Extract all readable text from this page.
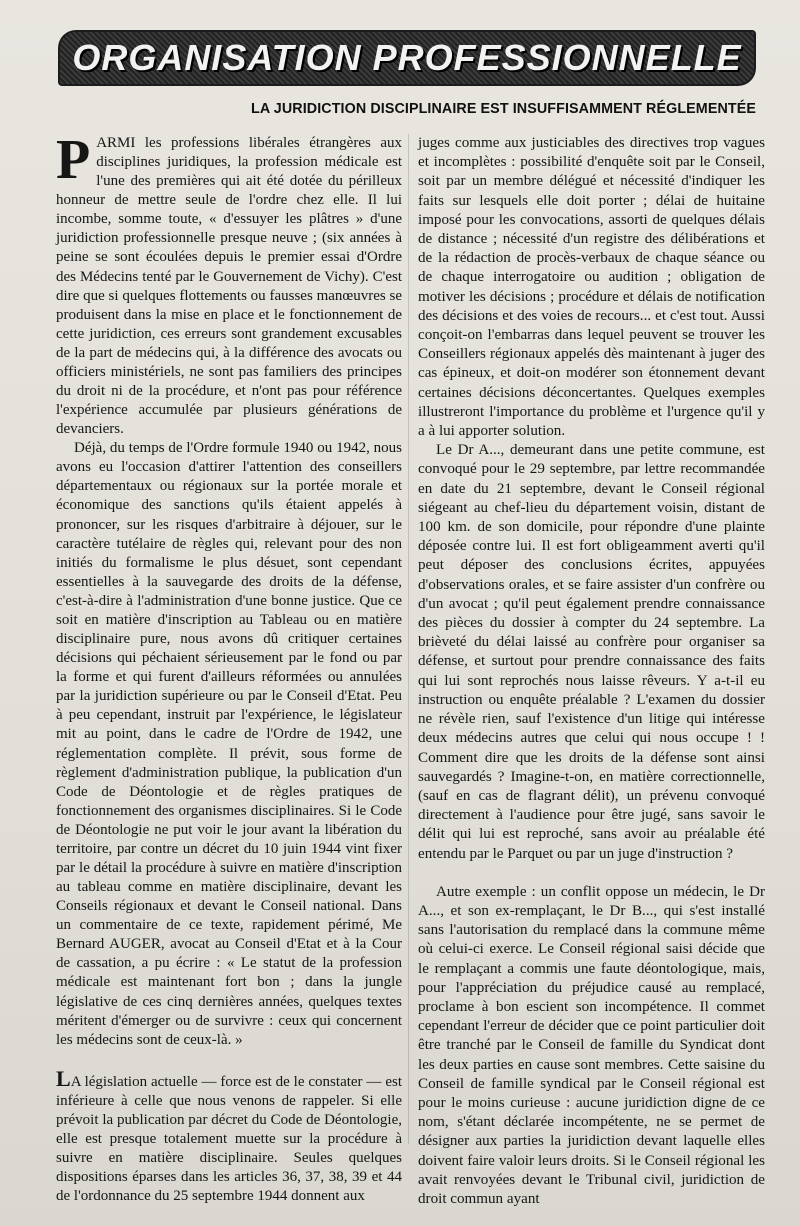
ORGANISATION PROFESSIONNELLE
LA JURIDICTION DISCIPLINAIRE EST INSUFFISAMMENT RÉGLEMENTÉE

PARMI les professions libérales étrangères aux disciplines juridiques, la profession médicale est l'une des premières qui ait été dotée du périlleux honneur de mettre seule de l'ordre chez elle. Il lui incombe, somme toute, « d'essuyer les plâtres » d'une juridiction professionnelle presque neuve ; (six années à peine se sont écoulées depuis le premier essai d'Ordre des Médecins tenté par le Gouvernement de Vichy). C'est dire que si quelques flottements ou fausses manœuvres se produisent dans la mise en place et le fonctionnement de cette juridiction, ces erreurs sont grandement excusables de la part de médecins qui, à la différence des avocats ou officiers ministériels, ne sont pas familiers des principes du droit ni de la procédure, et n'ont pas pour référence l'expérience accumulée par plusieurs générations de devanciers.

Déjà, du temps de l'Ordre formule 1940 ou 1942, nous avons eu l'occasion d'attirer l'attention des conseillers départementaux ou régionaux sur la portée morale et économique des sanctions qu'ils étaient appelés à prononcer, sur les risques d'arbitraire à déjouer, sur le caractère tutélaire de règles qui, relevant pour des non initiés du formalisme le plus désuet, sont cependant essentielles à la sauvegarde des droits de la défense, c'est-à-dire à l'administration d'une bonne justice. Que ce soit en matière d'inscription au Tableau ou en matière disciplinaire pure, nous avons dû critiquer certaines décisions qui péchaient sérieusement par le fond ou par la forme et qui furent d'ailleurs réformées ou annulées par la juridiction supérieure ou par le Conseil d'Etat. Peu à peu cependant, instruit par l'expérience, le législateur mit au point, dans le cadre de l'Ordre de 1942, une réglementation complète. Il prévit, sous forme de règlement d'administration publique, la publication d'un Code de Déontologie et de règles pratiques de fonctionnement des organismes disciplinaires. Si le Code de Déontologie ne put voir le jour avant la libération du territoire, par contre un décret du 10 juin 1944 vint fixer par le détail la procédure à suivre en matière d'inscription au tableau comme en matière disciplinaire, devant les Conseils régionaux et devant le Conseil national. Dans un commentaire de ce texte, rapidement périmé, Me Bernard AUGER, avocat au Conseil d'Etat et à la Cour de cassation, a pu écrire : « Le statut de la profession médicale est maintenant fort bon ; dans la jungle législative de ces cinq dernières années, quelques textes méritent d'émerger ou de survivre : ceux qui concernent les médecins sont de ceux-là. »

LA législation actuelle — force est de le constater — est inférieure à celle que nous venons de rappeler. Si elle prévoit la publication par décret du Code de Déontologie, elle est presque totalement muette sur la procédure à suivre en matière disciplinaire. Seules quelques dispositions éparses dans les articles 36, 37, 38, 39 et 44 de l'ordonnance du 25 septembre 1944 donnent aux

juges comme aux justiciables des directives trop vagues et incomplètes : possibilité d'enquête soit par le Conseil, soit par un membre délégué et nécessité d'indiquer les faits sur lesquels elle doit porter ; délai de huitaine imposé pour les convocations, assorti de quelques délais de distance ; nécessité d'un registre des délibérations et de la rédaction de procès-verbaux de chaque séance ou de chaque interrogatoire ou audition ; obligation de motiver les décisions ; procédure et délais de notification des décisions et des voies de recours... et c'est tout. Aussi conçoit-on l'embarras dans lequel peuvent se trouver les Conseillers régionaux appelés dès maintenant à juger des cas épineux, et doit-on modérer son étonnement devant certaines décisions déconcertantes. Quelques exemples illustreront l'importance du problème et l'urgence qu'il y a à lui apporter solution.

Le Dr A..., demeurant dans une petite commune, est convoqué pour le 29 septembre, par lettre recommandée en date du 21 septembre, devant le Conseil régional siégeant au chef-lieu du département voisin, distant de 100 km. de son domicile, pour répondre d'une plainte déposée contre lui. Il est fort obligeamment averti qu'il peut déposer des conclusions écrites, appuyées d'observations orales, et se faire assister d'un confrère ou d'un avocat ; qu'il peut également prendre connaissance des pièces du dossier à compter du 24 septembre. La brièveté du délai laissé au confrère pour organiser sa défense, et surtout pour prendre connaissance des faits qui lui sont reprochés nous laisse rêveurs. Y a-t-il eu instruction ou enquête préalable ? L'examen du dossier ne révèle rien, sauf l'existence d'un litige qui intéresse deux médecins autres que celui qui nous occupe ! ! Comment dire que les droits de la défense sont ainsi sauvegardés ? Imagine-t-on, en matière correctionnelle, (sauf en cas de flagrant délit), un prévenu convoqué directement à l'audience pour être jugé, sans savoir le délit qui lui est reproché, sans avoir au préalable été entendu par le Parquet ou par un juge d'instruction ?

Autre exemple : un conflit oppose un médecin, le Dr A..., et son ex-remplaçant, le Dr B..., qui s'est installé sans l'autorisation du remplacé dans la commune même où celui-ci exerce. Le Conseil régional saisi décide que le remplaçant a commis une faute déontologique, mais, pour l'appréciation du préjudice causé au remplacé, proclame à bon escient son incompétence. Il commet cependant l'erreur de décider que ce point particulier doit être tranché par le Conseil de famille du Syndicat dont les deux parties en cause sont membres. Cette saisine du Conseil de famille syndical par le Conseil régional est pour le moins curieuse : aucune juridiction digne de ce nom, s'étant déclarée incompétente, ne se permet de désigner aux parties la juridiction devant laquelle elles doivent faire valoir leurs droits. Si le Conseil régional les avait renvoyées devant le Tribunal civil, juridiction de droit commun ayant
